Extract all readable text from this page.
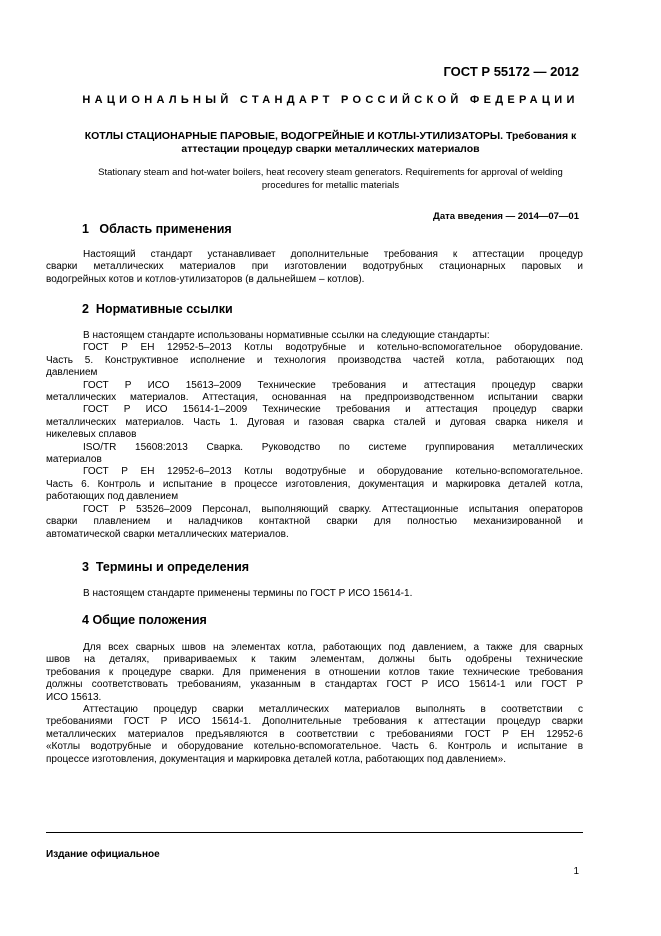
ГОСТ Р 55172 — 2012
НАЦИОНАЛЬНЫЙ СТАНДАРТ РОССИЙСКОЙ ФЕДЕРАЦИИ
КОТЛЫ СТАЦИОНАРНЫЕ ПАРОВЫЕ, ВОДОГРЕЙНЫЕ И КОТЛЫ-УТИЛИЗАТОРЫ. Требования к
аттестации процедур сварки металлических материалов
Stationary steam and hot-water boilers, heat recovery steam generators. Requirements for approval of welding
procedures for metallic materials
Дата введения — 2014—07—01
1 Область применения
Настоящий стандарт устанавливает дополнительные требования к аттестации процедур
сварки металлических материалов при изготовлении водотрубных стационарных паровых и
водогрейных котов и котлов-утилизаторов (в дальнейшем – котлов).
2 Нормативные ссылки
В настоящем стандарте использованы нормативные ссылки на следующие стандарты:
ГОСТ Р ЕН 12952-5–2013 Котлы водотрубные и котельно-вспомогательное оборудование.
Часть 5. Конструктивное исполнение и технология производства частей котла, работающих под
давлением
ГОСТ Р ИСО 15613–2009 Технические требования и аттестация процедур сварки
металлических материалов. Аттестация, основанная на предпроизводственном испытании сварки
ГОСТ Р ИСО 15614-1–2009 Технические требования и аттестация процедур сварки
металлических материалов. Часть 1. Дуговая и газовая сварка сталей и дуговая сварка никеля и
никелевых сплавов
ISO/TR 15608:2013 Сварка. Руководство по системе группирования металлических
материалов
ГОСТ Р ЕН 12952-6–2013 Котлы водотрубные и оборудование котельно-вспомогательное.
Часть 6. Контроль и испытание в процессе изготовления, документация и маркировка деталей котла,
работающих под давлением
ГОСТ Р 53526–2009 Персонал, выполняющий сварку. Аттестационные испытания операторов
сварки плавлением и наладчиков контактной сварки для полностью механизированной и
автоматической сварки металлических материалов.
3 Термины и определения
В настоящем стандарте применены термины по ГОСТ Р ИСО 15614-1.
4 Общие положения
Для всех сварных швов на элементах котла, работающих под давлением, а также для сварных
швов на деталях, привариваемых к таким элементам, должны быть одобрены технические
требования к процедуре сварки. Для применения в отношении котлов такие технические требования
должны соответствовать требованиям, указанным в стандартах ГОСТ Р ИСО 15614-1 или ГОСТ Р
ИСО 15613.
Аттестацию процедур сварки металлических материалов выполнять в соответствии с
требованиями ГОСТ Р ИСО 15614-1. Дополнительные требования к аттестации процедур сварки
металлических материалов предъявляются в соответствии с требованиями ГОСТ Р ЕН 12952-6
«Котлы водотрубные и оборудование котельно-вспомогательное. Часть 6. Контроль и испытание в
процессе изготовления, документация и маркировка деталей котла, работающих под давлением».
Издание официальное
1
